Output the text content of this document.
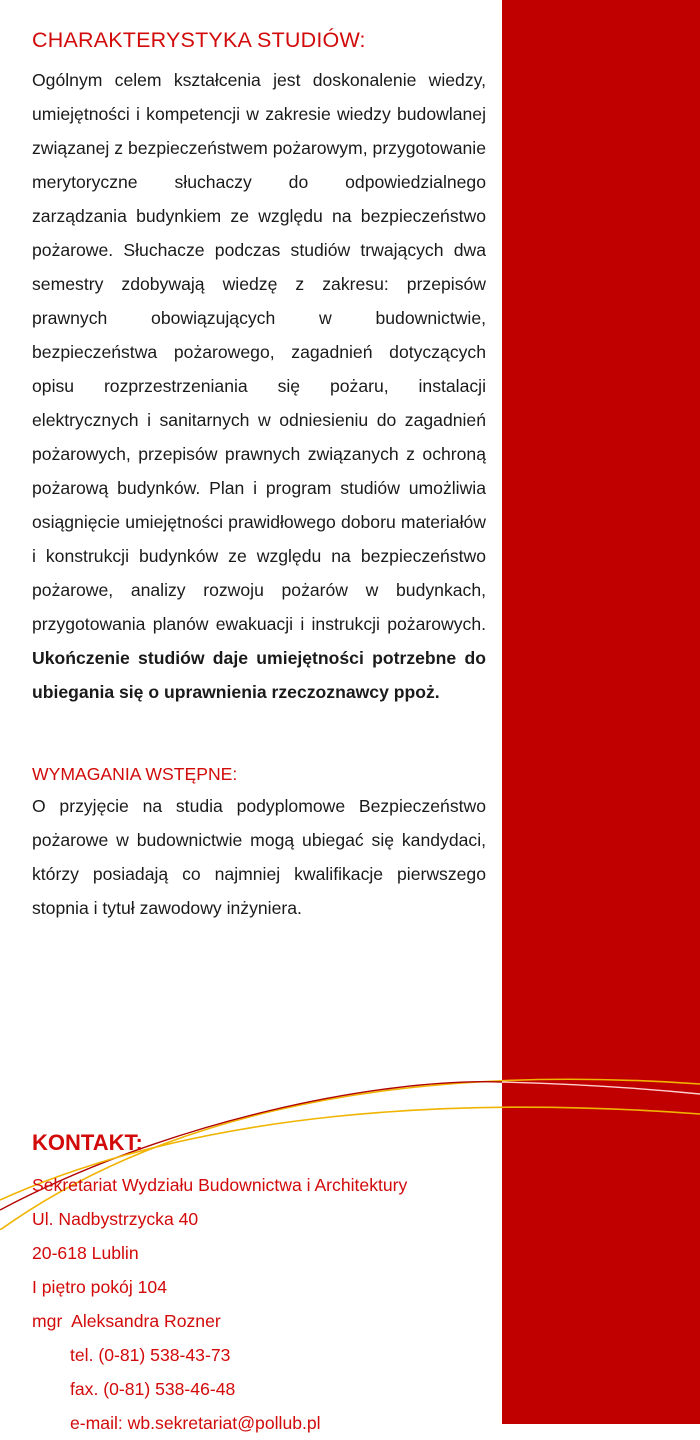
CHARAKTERYSTYKA STUDIÓW:

Ogólnym celem kształcenia jest doskonalenie wiedzy, umiejętności i kompetencji w zakresie wiedzy budowlanej związanej z bezpieczeństwem pożarowym, przygotowanie merytoryczne słuchaczy do odpowiedzialnego zarządzania budynkiem ze względu na bezpieczeństwo pożarowe. Słuchacze podczas studiów trwających dwa semestry zdobywają wiedzę z zakresu: przepisów prawnych obowiązujących w budownictwie, bezpieczeństwa pożarowego, zagadnień dotyczących opisu rozprzestrzeniania się pożaru, instalacji elektrycznych i sanitarnych w odniesieniu do zagadnień pożarowych, przepisów prawnych związanych z ochroną pożarową budynków. Plan i program studiów umożliwia osiągnięcie umiejętności prawidłowego doboru materiałów i konstrukcji budynków ze względu na bezpieczeństwo pożarowe, analizy rozwoju pożarów w budynkach, przygotowania planów ewakuacji i instrukcji pożarowych. Ukończenie studiów daje umiejętności potrzebne do ubiegania się o uprawnienia rzeczoznawcy ppoż.

WYMAGANIA WSTĘPNE:

O przyjęcie na studia podyplomowe Bezpieczeństwo pożarowe w budownictwie mogą ubiegać się kandydaci, którzy posiadają co najmniej kwalifikacje pierwszego stopnia i tytuł zawodowy inżyniera.

KONTAKT:
Sekretariat Wydziału Budownictwa i Architektury
Ul. Nadbystrzycka 40
20-618 Lublin
I piętro pokój 104
mgr  Aleksandra Rozner
tel. (0-81) 538-43-73
fax. (0-81) 538-46-48
e-mail: wb.sekretariat@pollub.pl
